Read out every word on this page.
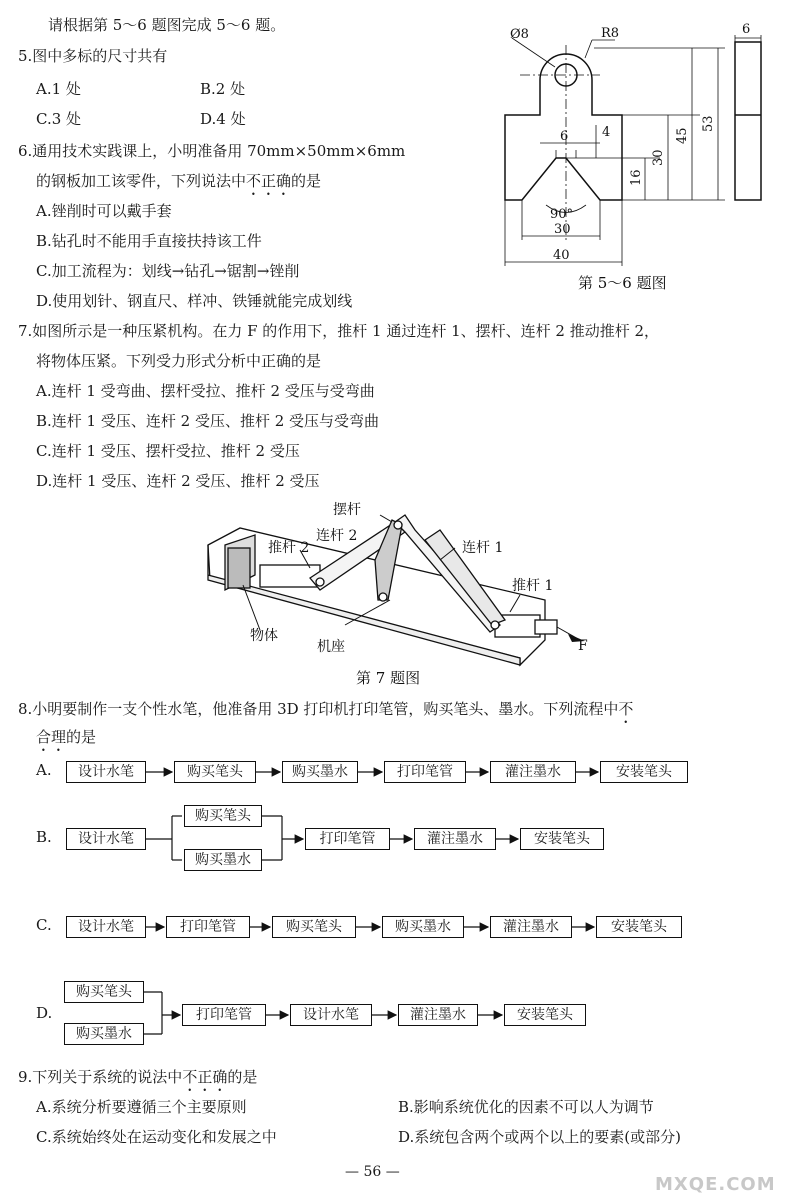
请根据第 5～6 题图完成 5～6 题。
5.图中多标的尺寸共有
A.1 处	B.2 处
C.3 处	D.4 处
6.通用技术实践课上，小明准备用 70mm×50mm×6mm
的钢板加工该零件，下列说法中不正确的是
A.锉削时可以戴手套
B.钻孔时不能用手直接扶持该工件
C.加工流程为：划线→钻孔→锯割→锉削
D.使用划针、钢直尺、样冲、铁锤就能完成划线
Ø8	R8	6
53
45
30
16
6	4
90°
30
40
第 5～6 题图
7.如图所示是一种压紧机构。在力 F 的作用下，推杆 1 通过连杆 1、摆杆、连杆 2 推动推杆 2，
将物体压紧。下列受力形式分析中正确的是
A.连杆 1 受弯曲、摆杆受拉、推杆 2 受压与受弯曲
B.连杆 1 受压、连杆 2 受压、推杆 2 受压与受弯曲
C.连杆 1 受压、摆杆受拉、推杆 2 受压
D.连杆 1 受压、连杆 2 受压、推杆 2 受压
摆杆
连杆 2
推杆 2	连杆 1
推杆 1
物体
机座	F
第 7 题图
8.小明要制作一支个性水笔，他准备用 3D 打印机打印笔管，购买笔头、墨水。下列流程中不
合理的是
A.	设计水笔	购买笔头	购买墨水	打印笔管	灌注墨水	安装笔头
B.	设计水笔
购买笔头
购买墨水
打印笔管	灌注墨水	安装笔头
C.	设计水笔	打印笔管	购买笔头	购买墨水	灌注墨水	安装笔头
D.
购买笔头
购买墨水
打印笔管	设计水笔	灌注墨水	安装笔头
9.下列关于系统的说法中不正确的是
A.系统分析要遵循三个主要原则	B.影响系统优化的因素不可以人为调节
C.系统始终处在运动变化和发展之中	D.系统包含两个或两个以上的要素(或部分)
— 56 —
MXQE.COM
